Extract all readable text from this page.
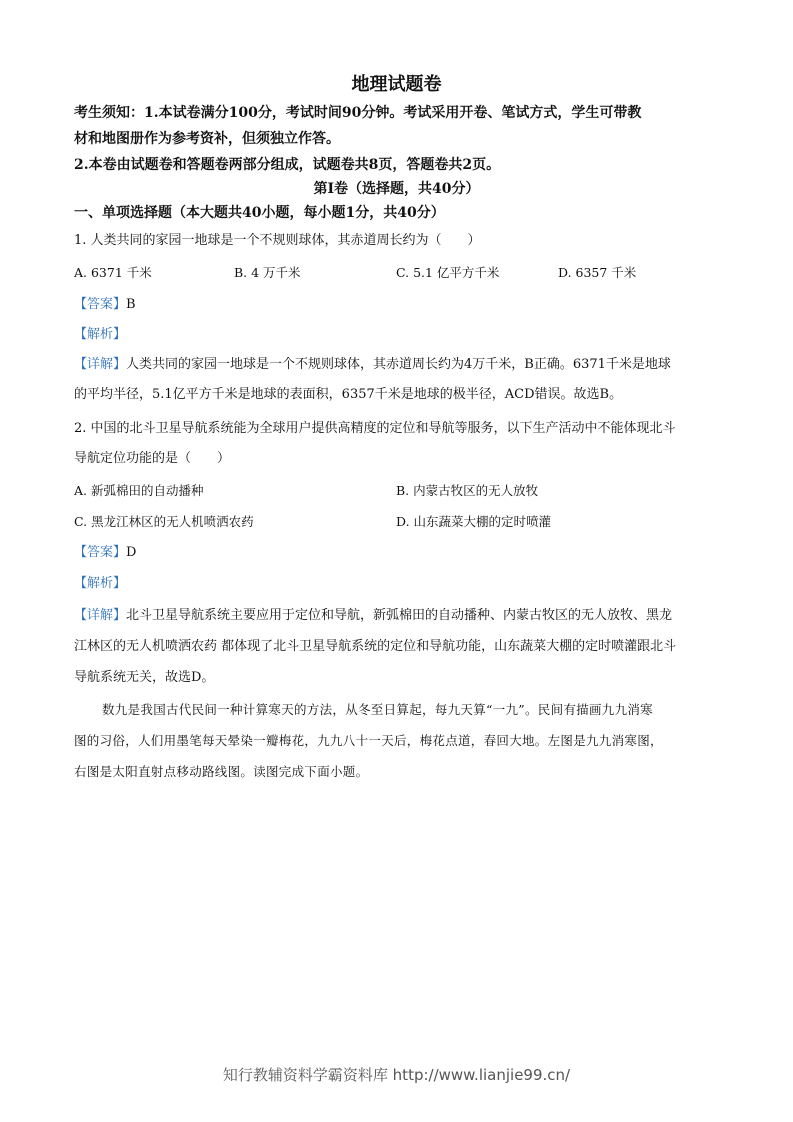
地理试题卷
考生须知：1.本试卷满分100分，考试时间90分钟。考试采用开卷、笔试方式，学生可带教
材和地图册作为参考资补，但须独立作答。
2.本卷由试题卷和答题卷两部分组成，试题卷共8页，答题卷共2页。
第Ⅰ卷（选择题，共40分）
一、单项选择题（本大题共40小题，每小题1分，共40分）
1. 人类共同的家园一地球是一个不规则球体，其赤道周长约为（　　）
A. 6371 千米	B. 4 万千米	C. 5.1 亿平方千米	D. 6357 千米
【答案】B
【解析】
【详解】人类共同的家园一地球是一个不规则球体，其赤道周长约为4万千米，B正确。6371千米是地球
的平均半径，5.1亿平方千米是地球的表面积，6357千米是地球的极半径，ACD错误。故选B。
2. 中国的北斗卫星导航系统能为全球用户提供高精度的定位和导航等服务，以下生产活动中不能体现北斗
导航定位功能的是（　　）
A. 新弧棉田的自动播种	B. 内蒙古牧区的无人放牧
C. 黑龙江林区的无人机喷洒农药	D. 山东蔬菜大棚的定时喷灌
【答案】D
【解析】
【详解】北斗卫星导航系统主要应用于定位和导航，新弧棉田的自动播种、内蒙古牧区的无人放牧、黑龙
江林区的无人机喷洒农药 都体现了北斗卫星导航系统的定位和导航功能，山东蔬菜大棚的定时喷灌跟北斗
导航系统无关，故选D。
数九是我国古代民间一种计算寒天的方法，从冬至日算起，每九天算“一九”。民间有描画九九消寒
图的习俗，人们用墨笔每天晕染一瓣梅花，九九八十一天后，梅花点道，春回大地。左图是九九消寒图，
右图是太阳直射点移动路线图。读图完成下面小题。
知行教辅资料学霸资料库 http://www.lianjie99.cn/
